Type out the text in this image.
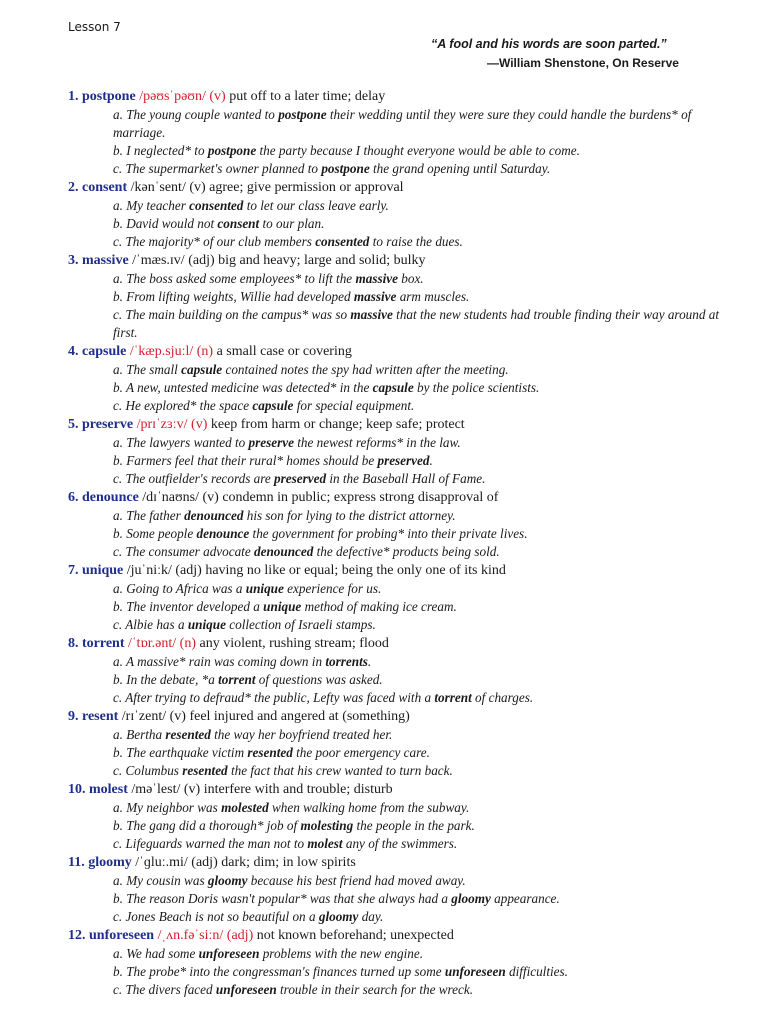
Lesson 7
“A fool and his words are soon parted.”
—William Shenstone, On Reserve
1. postpone /pəʊsˈpəʊn/ (v) put off to a later time; delay
a. The young couple wanted to postpone their wedding until they were sure they could handle the burdens* of marriage.
b. I neglected* to postpone the party because I thought everyone would be able to come.
c. The supermarket's owner planned to postpone the grand opening until Saturday.
2. consent /kənˈsent/ (v) agree; give permission or approval
a. My teacher consented to let our class leave early.
b. David would not consent to our plan.
c. The majority* of our club members consented to raise the dues.
3. massive /ˈmæs.ɪv/ (adj) big and heavy; large and solid; bulky
a. The boss asked some employees* to lift the massive box.
b. From lifting weights, Willie had developed massive arm muscles.
c. The main building on the campus* was so massive that the new students had trouble finding their way around at first.
4. capsule /ˈkæp.sjuːl/ (n) a small case or covering
a. The small capsule contained notes the spy had written after the meeting.
b. A new, untested medicine was detected* in the capsule by the police scientists.
c. He explored* the space capsule for special equipment.
5. preserve /prɪˈzɜːv/ (v) keep from harm or change; keep safe; protect
a. The lawyers wanted to preserve the newest reforms* in the law.
b. Farmers feel that their rural* homes should be preserved.
c. The outfielder's records are preserved in the Baseball Hall of Fame.
6. denounce /dɪˈnaʊns/ (v) condemn in public; express strong disapproval of
a. The father denounced his son for lying to the district attorney.
b. Some people denounce the government for probing* into their private lives.
c. The consumer advocate denounced the defective* products being sold.
7. unique /juˈniːk/ (adj) having no like or equal; being the only one of its kind
a. Going to Africa was a unique experience for us.
b. The inventor developed a unique method of making ice cream.
c. Albie has a unique collection of Israeli stamps.
8. torrent /ˈtɒr.ənt/ (n) any violent, rushing stream; flood
a. A massive* rain was coming down in torrents.
b. In the debate, *a torrent of questions was asked.
c. After trying to defraud* the public, Lefty was faced with a torrent of charges.
9. resent /rɪˈzent/ (v) feel injured and angered at (something)
a. Bertha resented the way her boyfriend treated her.
b. The earthquake victim resented the poor emergency care.
c. Columbus resented the fact that his crew wanted to turn back.
10. molest /məˈlest/ (v) interfere with and trouble; disturb
a. My neighbor was molested when walking home from the subway.
b. The gang did a thorough* job of molesting the people in the park.
c. Lifeguards warned the man not to molest any of the swimmers.
11. gloomy /ˈɡluː.mi/ (adj) dark; dim; in low spirits
a. My cousin was gloomy because his best friend had moved away.
b. The reason Doris wasn't popular* was that she always had a gloomy appearance.
c. Jones Beach is not so beautiful on a gloomy day.
12. unforeseen /ˌʌn.fəˈsiːn/ (adj) not known beforehand; unexpected
a. We had some unforeseen problems with the new engine.
b. The probe* into the congressman's finances turned up some unforeseen difficulties.
c. The divers faced unforeseen trouble in their search for the wreck.
